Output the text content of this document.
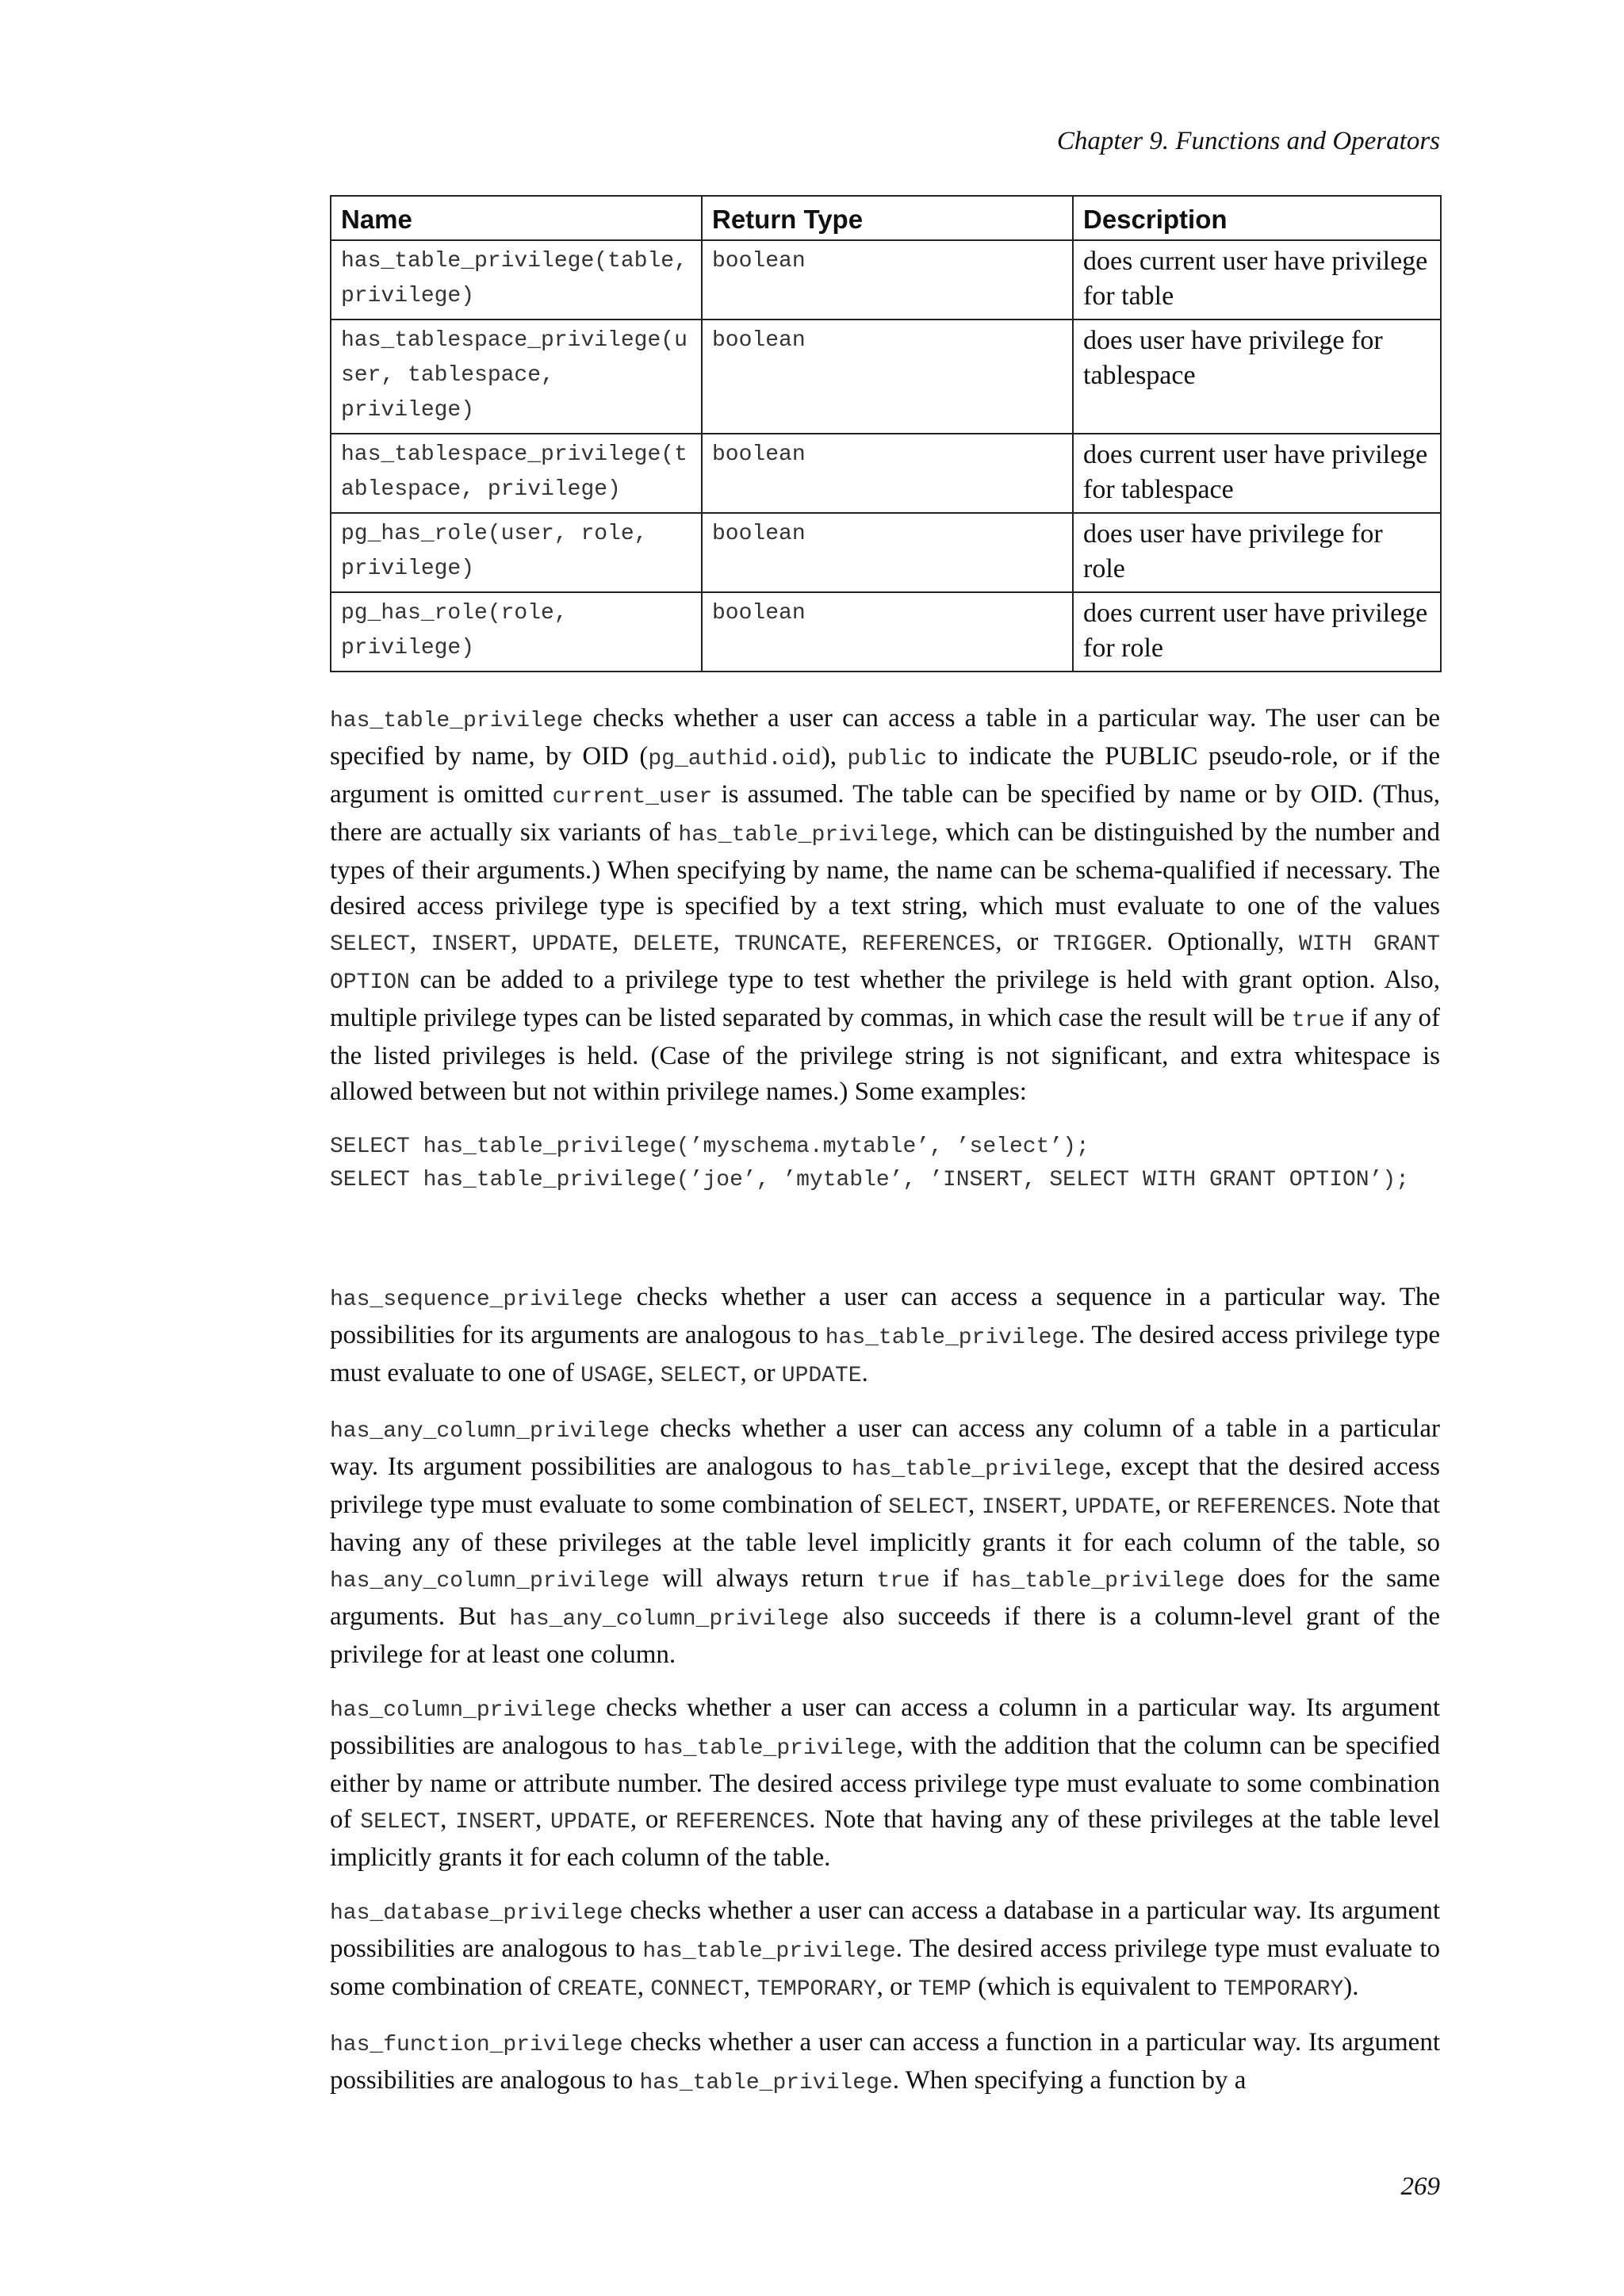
Chapter 9. Functions and Operators
Name	Return Type	Description
has_table_privilege(table, privilege)	boolean	does current user have privilege for table
has_tablespace_privilege(user, tablespace, privilege)	boolean	does user have privilege for tablespace
has_tablespace_privilege(tablespace, privilege)	boolean	does current user have privilege for tablespace
pg_has_role(user, role, privilege)	boolean	does user have privilege for role
pg_has_role(role, privilege)	boolean	does current user have privilege for role

has_table_privilege checks whether a user can access a table in a particular way. The user can be specified by name, by OID (pg_authid.oid), public to indicate the PUBLIC pseudo-role, or if the argument is omitted current_user is assumed. The table can be specified by name or by OID. (Thus, there are actually six variants of has_table_privilege, which can be distinguished by the number and types of their arguments.) When specifying by name, the name can be schema-qualified if necessary. The desired access privilege type is specified by a text string, which must evaluate to one of the values SELECT, INSERT, UPDATE, DELETE, TRUNCATE, REFERENCES, or TRIGGER. Optionally, WITH GRANT OPTION can be added to a privilege type to test whether the privilege is held with grant option. Also, multiple privilege types can be listed separated by commas, in which case the result will be true if any of the listed privileges is held. (Case of the privilege string is not significant, and extra whitespace is allowed between but not within privilege names.) Some examples:

SELECT has_table_privilege(’myschema.mytable’, ’select’);
SELECT has_table_privilege(’joe’, ’mytable’, ’INSERT, SELECT WITH GRANT OPTION’);

has_sequence_privilege checks whether a user can access a sequence in a particular way. The possibilities for its arguments are analogous to has_table_privilege. The desired access privilege type must evaluate to one of USAGE, SELECT, or UPDATE.

has_any_column_privilege checks whether a user can access any column of a table in a particular way. Its argument possibilities are analogous to has_table_privilege, except that the desired access privilege type must evaluate to some combination of SELECT, INSERT, UPDATE, or REFERENCES. Note that having any of these privileges at the table level implicitly grants it for each column of the table, so has_any_column_privilege will always return true if has_table_privilege does for the same arguments. But has_any_column_privilege also succeeds if there is a column-level grant of the privilege for at least one column.

has_column_privilege checks whether a user can access a column in a particular way. Its argument possibilities are analogous to has_table_privilege, with the addition that the column can be specified either by name or attribute number. The desired access privilege type must evaluate to some combination of SELECT, INSERT, UPDATE, or REFERENCES. Note that having any of these privileges at the table level implicitly grants it for each column of the table.

has_database_privilege checks whether a user can access a database in a particular way. Its argument possibilities are analogous to has_table_privilege. The desired access privilege type must evaluate to some combination of CREATE, CONNECT, TEMPORARY, or TEMP (which is equivalent to TEMPORARY).

has_function_privilege checks whether a user can access a function in a particular way. Its argument possibilities are analogous to has_table_privilege. When specifying a function by a

269
